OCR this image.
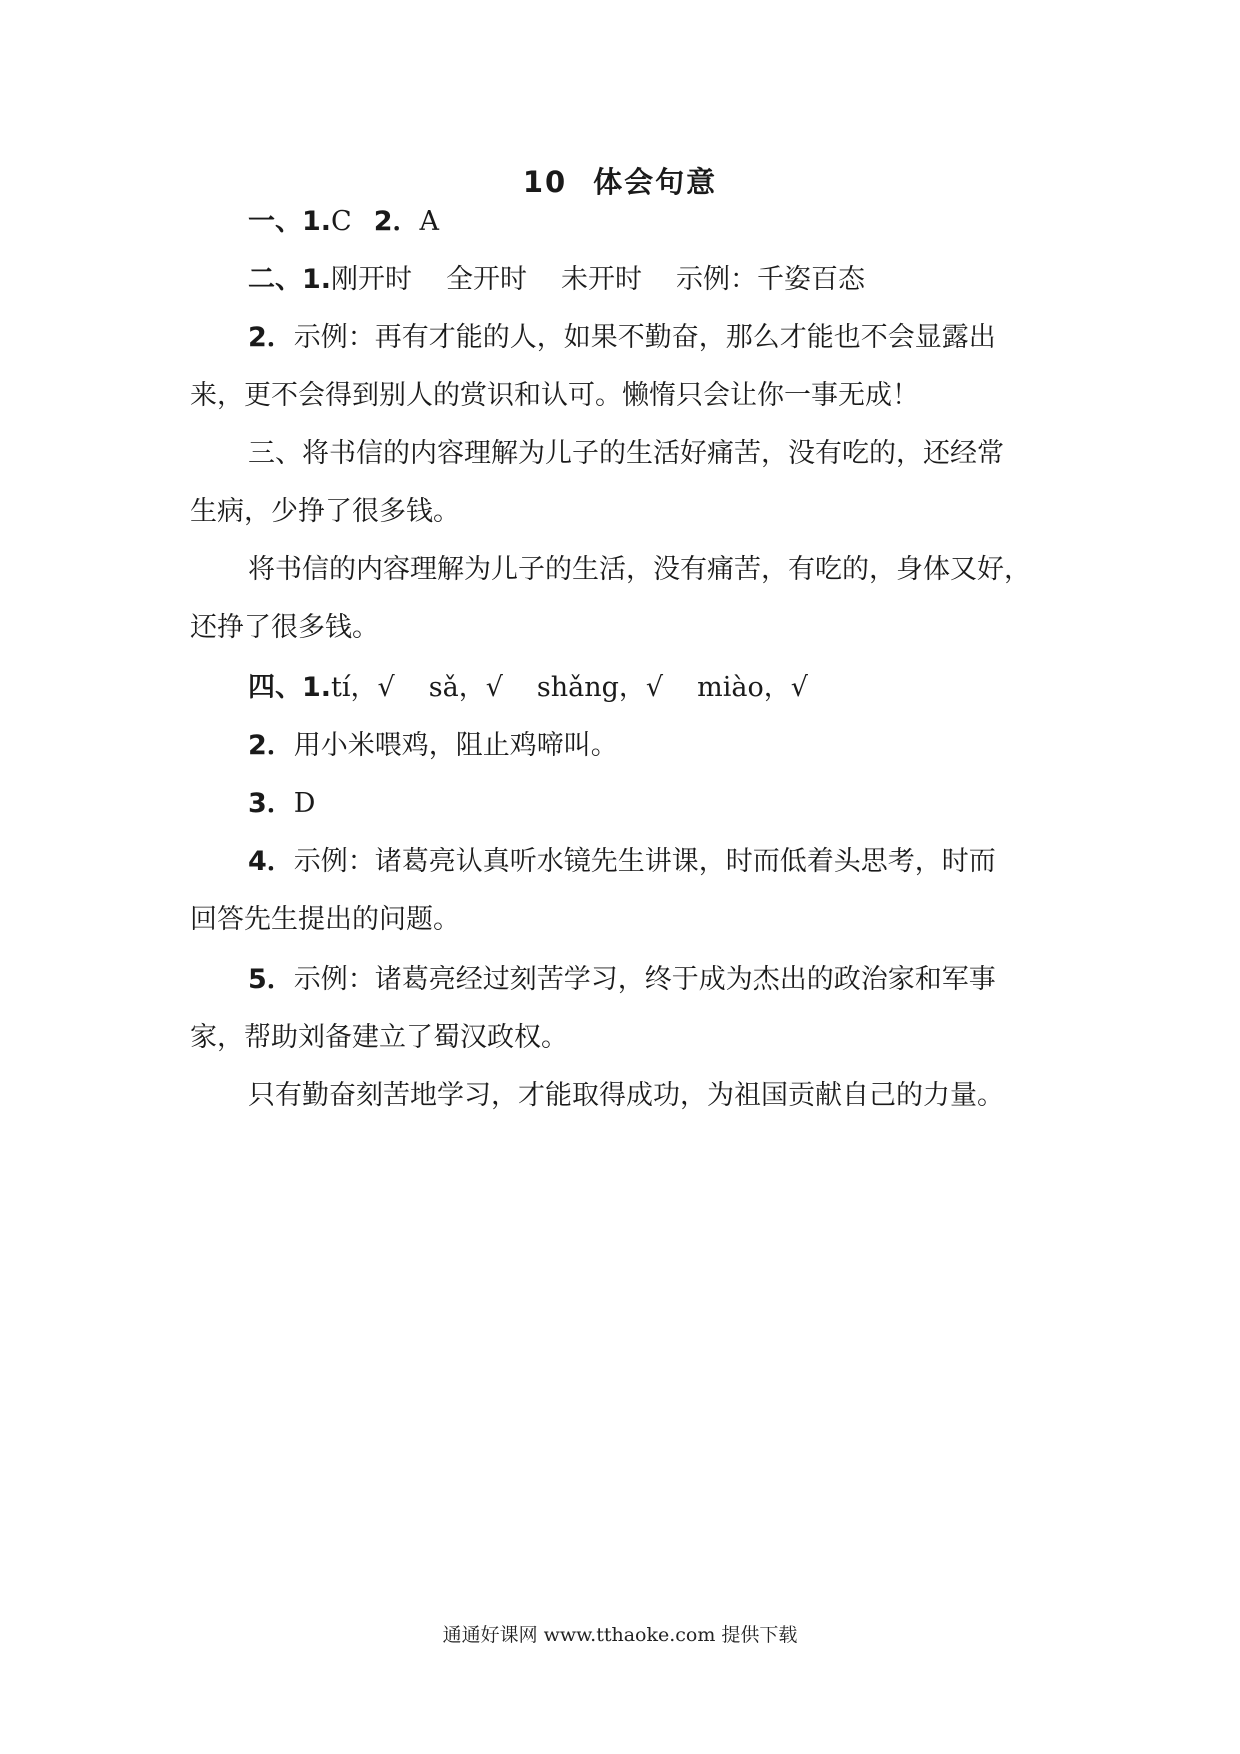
10 体会句意
一、1.C 2．A
二、1.刚开时 全开时 未开时 示例：千姿百态
2．示例：再有才能的人，如果不勤奋，那么才能也不会显露出
来，更不会得到别人的赏识和认可。懒惰只会让你一事无成！
三、将书信的内容理解为儿子的生活好痛苦，没有吃的，还经常
生病，少挣了很多钱。
将书信的内容理解为儿子的生活，没有痛苦，有吃的，身体又好，
还挣了很多钱。
四、1.tí，√ sǎ，√ shǎng，√ miào，√
2．用小米喂鸡，阻止鸡啼叫。
3．D
4．示例：诸葛亮认真听水镜先生讲课，时而低着头思考，时而
回答先生提出的问题。
5．示例：诸葛亮经过刻苦学习，终于成为杰出的政治家和军事
家，帮助刘备建立了蜀汉政权。
只有勤奋刻苦地学习，才能取得成功，为祖国贡献自己的力量。
通通好课网 www.tthaoke.com 提供下载
